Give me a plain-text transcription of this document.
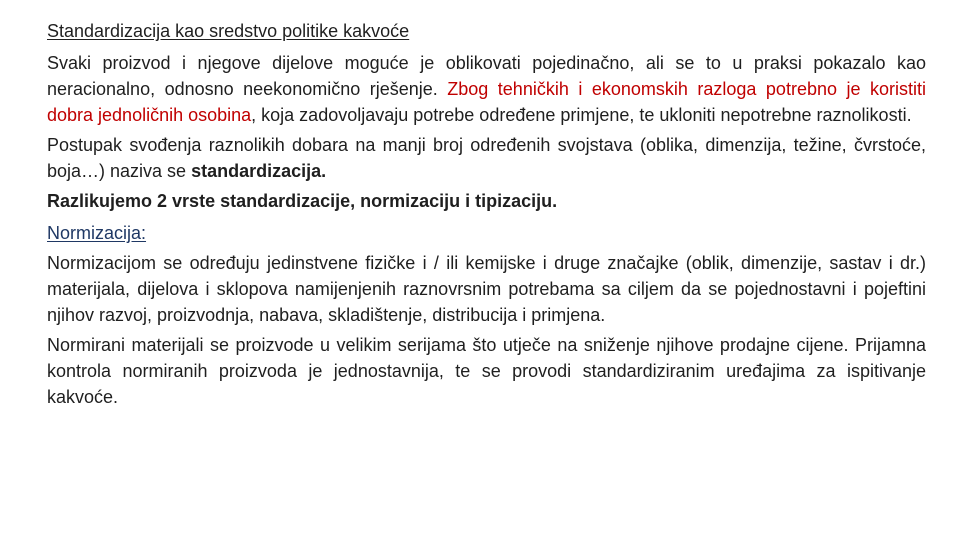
Standardizacija kao sredstvo politike kakvoće

Svaki proizvod i njegove dijelove moguće je oblikovati pojedinačno, ali se to u praksi pokazalo kao neracionalno, odnosno neekonomično rješenje. Zbog tehničkih i ekonomskih razloga potrebno je koristiti dobra jednoličnih osobina, koja zadovoljavaju potrebe određene primjene, te ukloniti nepotrebne raznolikosti.

Postupak svođenja raznolikih dobara na manji broj određenih svojstava (oblika, dimenzija, težine, čvrstoće, boja…) naziva se standardizacija.

Razlikujemo 2 vrste standardizacije, normizaciju i tipizaciju.

Normizacija:

Normizacijom se određuju jedinstvene fizičke i / ili kemijske i druge značajke (oblik, dimenzije, sastav i dr.) materijala, dijelova i sklopova namijenjenih raznovrsnim potrebama sa ciljem da se pojednostavni i pojeftini njihov razvoj, proizvodnja, nabava, skladištenje, distribucija i primjena.

Normirani materijali se proizvode u velikim serijama što utječe na sniženje njihove prodajne cijene. Prijamna kontrola normiranih proizvoda je jednostavnija, te se provodi standardiziranim uređajima za ispitivanje kakvoće.
